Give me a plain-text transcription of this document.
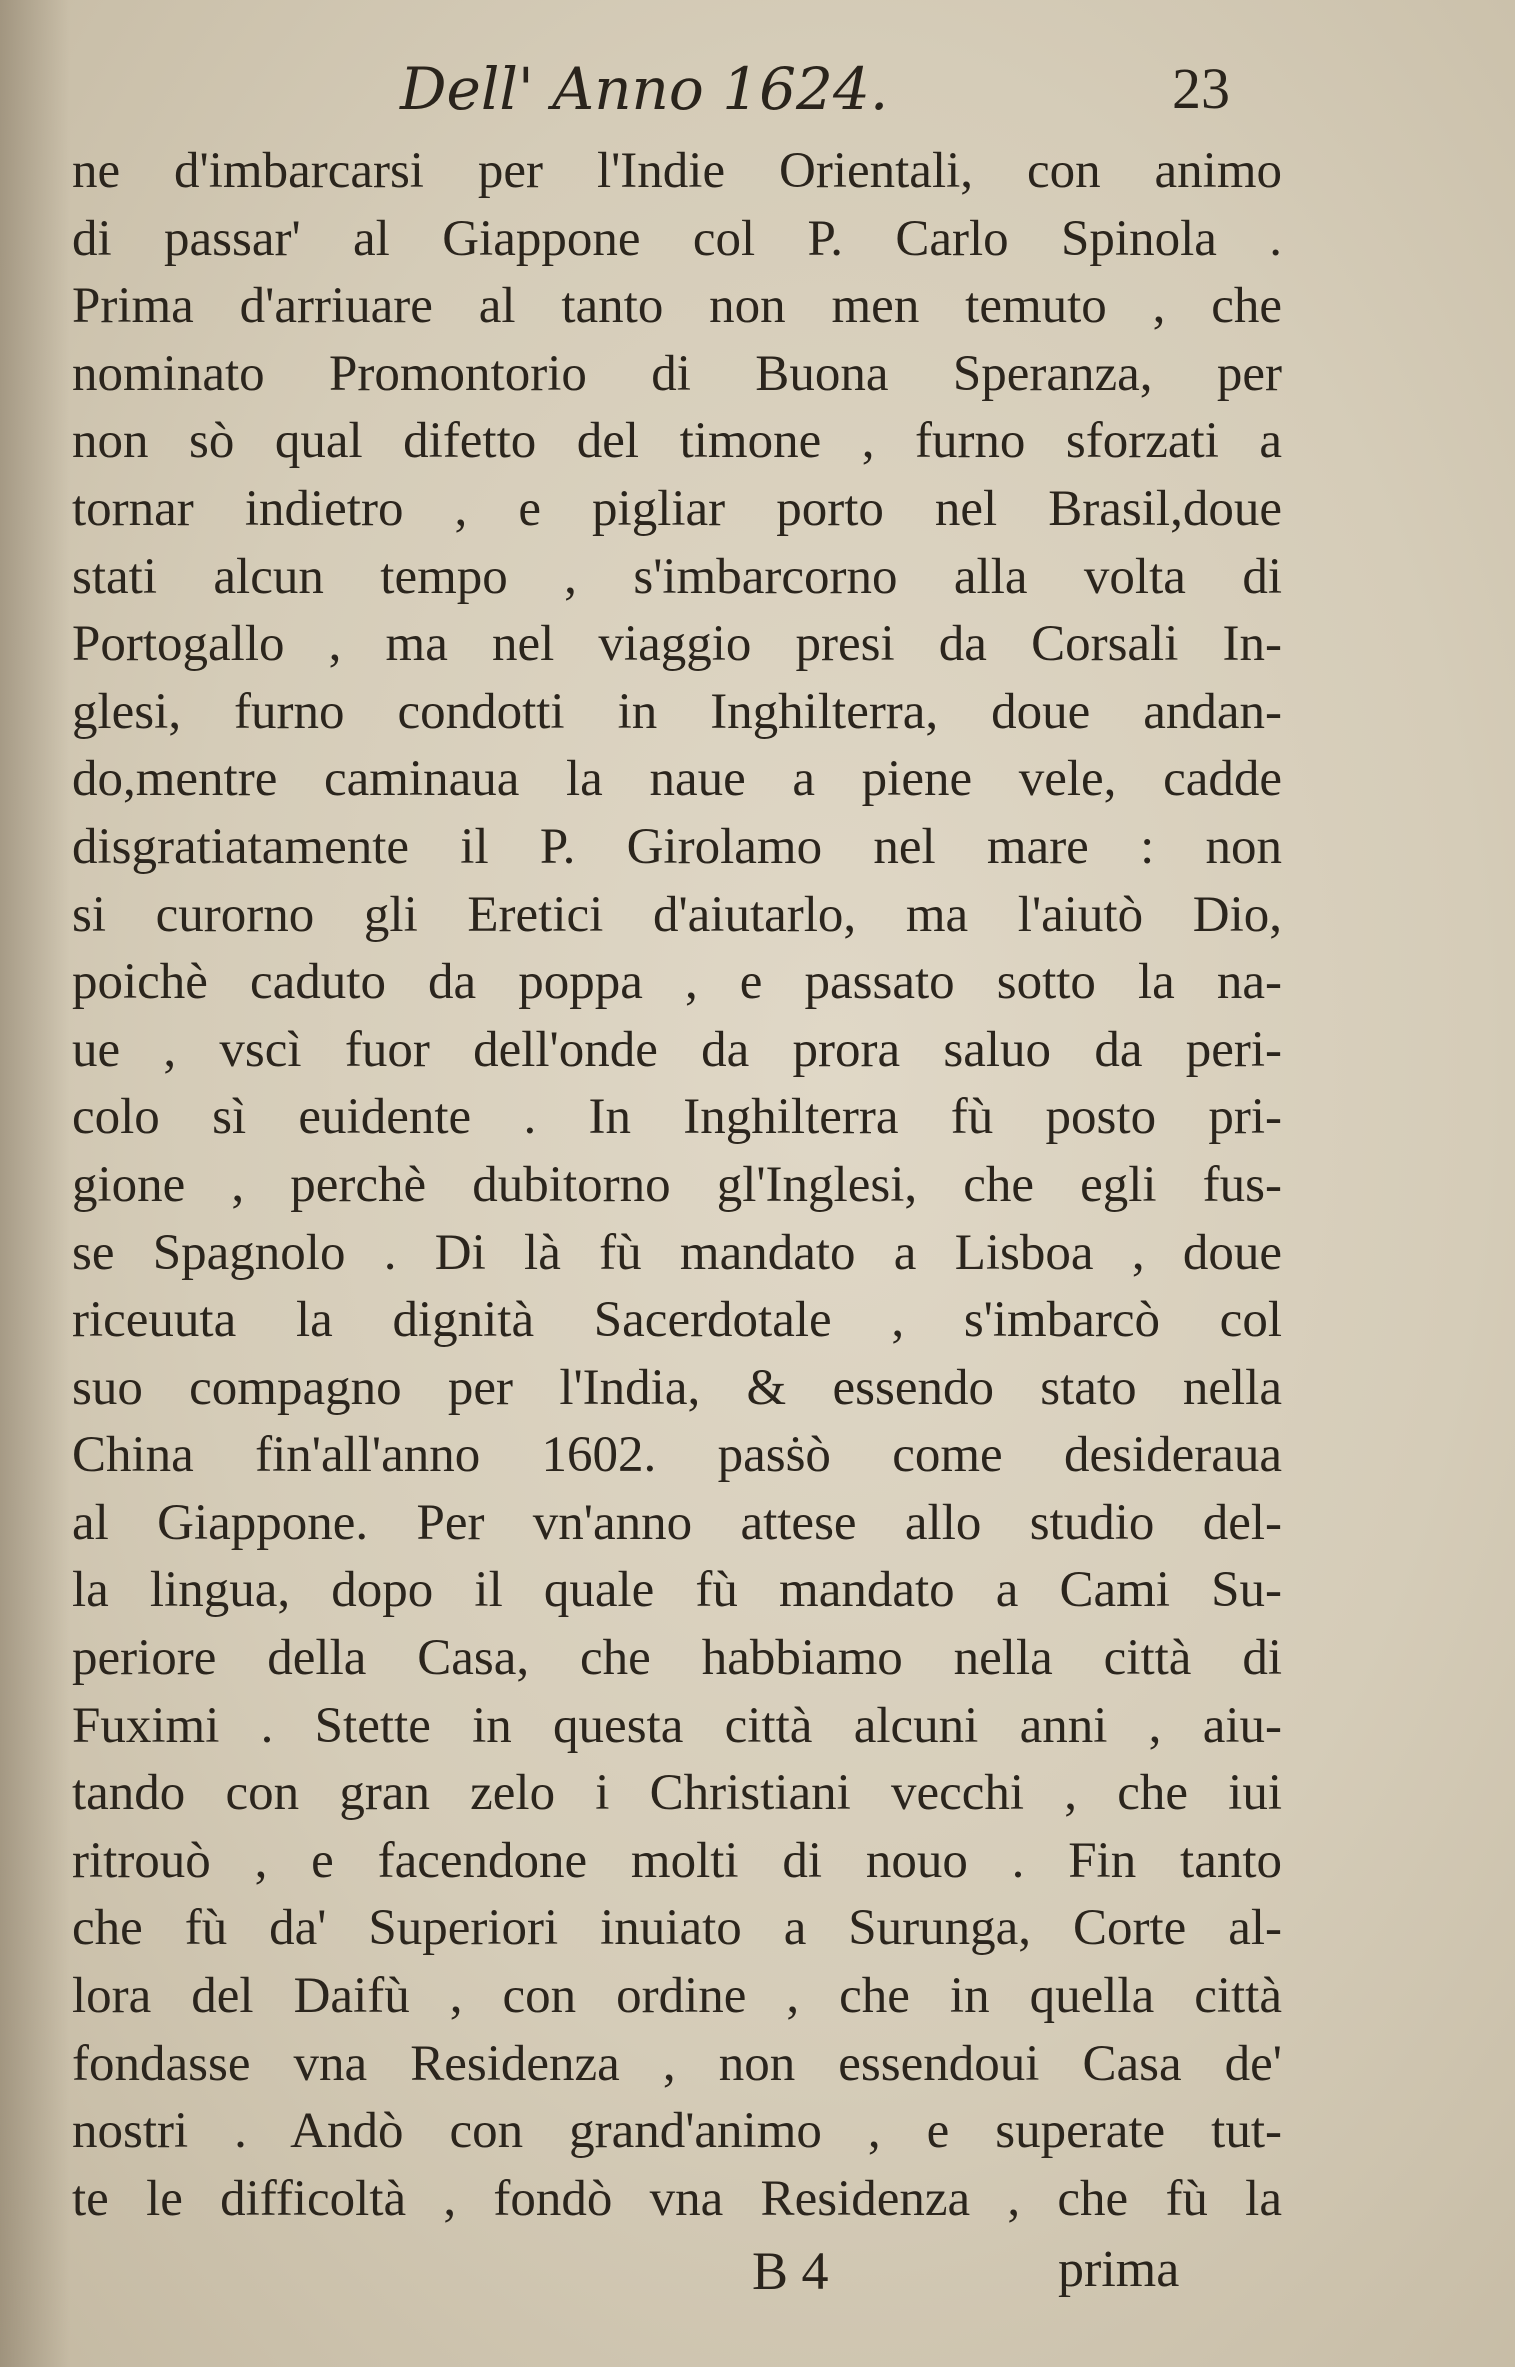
Dell' Anno 1624.	23
ne d'imbarcarsi per l'Indie Orientali, con animo
di passar' al Giappone col P. Carlo Spinola .
Prima d'arriuare al tanto non men temuto , che
nominato Promontorio di Buona Speranza, per
non sò qual difetto del timone , furno sforzati a
tornar indietro , e pigliar porto nel Brasil,doue
stati alcun tempo , s'imbarcorno alla volta di
Portogallo , ma nel viaggio presi da Corsali In-
glesi, furno condotti in Inghilterra, doue andan-
do,mentre caminaua la naue a piene vele, cadde
disgratiatamente il P. Girolamo nel mare : non
si curorno gli Eretici d'aiutarlo, ma l'aiutò Dio,
poichè caduto da poppa , e passato sotto la na-
ue , vscì fuor dell'onde da prora saluo da peri-
colo sì euidente . In Inghilterra fù posto pri-
gione , perchè dubitorno gl'Inglesi, che egli fus-
se Spagnolo . Di là fù mandato a Lisboa , doue
riceuuta la dignità Sacerdotale , s'imbarcò col
suo compagno per l'India, & essendo stato nella
China fin'all'anno 1602. pasṡò come desideraua
al Giappone. Per vn'anno attese allo studio del-
la lingua, dopo il quale fù mandato a Cami Su-
periore della Casa, che habbiamo nella città di
Fuximi . Stette in questa città alcuni anni , aiu-
tando con gran zelo i Christiani vecchi , che iui
ritrouò , e facendone molti di nouo . Fin tanto
che fù da' Superiori inuiato a Surunga, Corte al-
lora del Daifù , con ordine , che in quella città
fondasse vna Residenza , non essendoui Casa de'
nostri . Andò con grand'animo , e superate tut-
te le difficoltà , fondò vna Residenza , che fù la
B 4	prima
